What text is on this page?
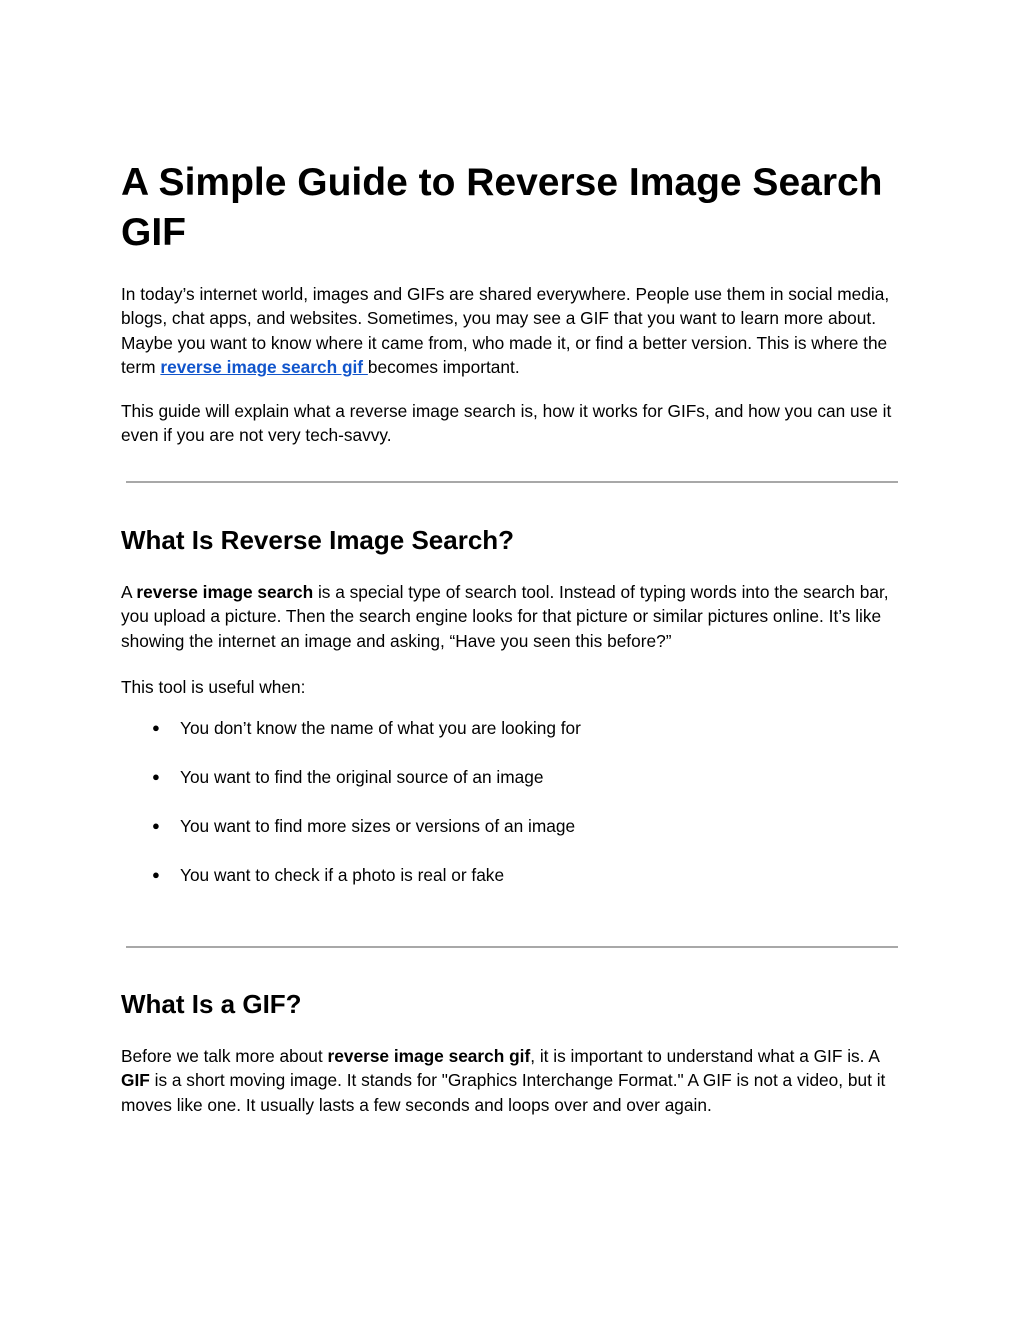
A Simple Guide to Reverse Image Search GIF

In today’s internet world, images and GIFs are shared everywhere. People use them in social media, blogs, chat apps, and websites. Sometimes, you may see a GIF that you want to learn more about. Maybe you want to know where it came from, who made it, or find a better version. This is where the term reverse image search gif becomes important.

This guide will explain what a reverse image search is, how it works for GIFs, and how you can use it even if you are not very tech-savvy.

What Is Reverse Image Search?

A reverse image search is a special type of search tool. Instead of typing words into the search bar, you upload a picture. Then the search engine looks for that picture or similar pictures online. It’s like showing the internet an image and asking, “Have you seen this before?”

This tool is useful when:

● You don’t know the name of what you are looking for
● You want to find the original source of an image
● You want to find more sizes or versions of an image
● You want to check if a photo is real or fake
What Is a GIF?

Before we talk more about reverse image search gif, it is important to understand what a GIF is. A GIF is a short moving image. It stands for "Graphics Interchange Format." A GIF is not a video, but it moves like one. It usually lasts a few seconds and loops over and over again.
